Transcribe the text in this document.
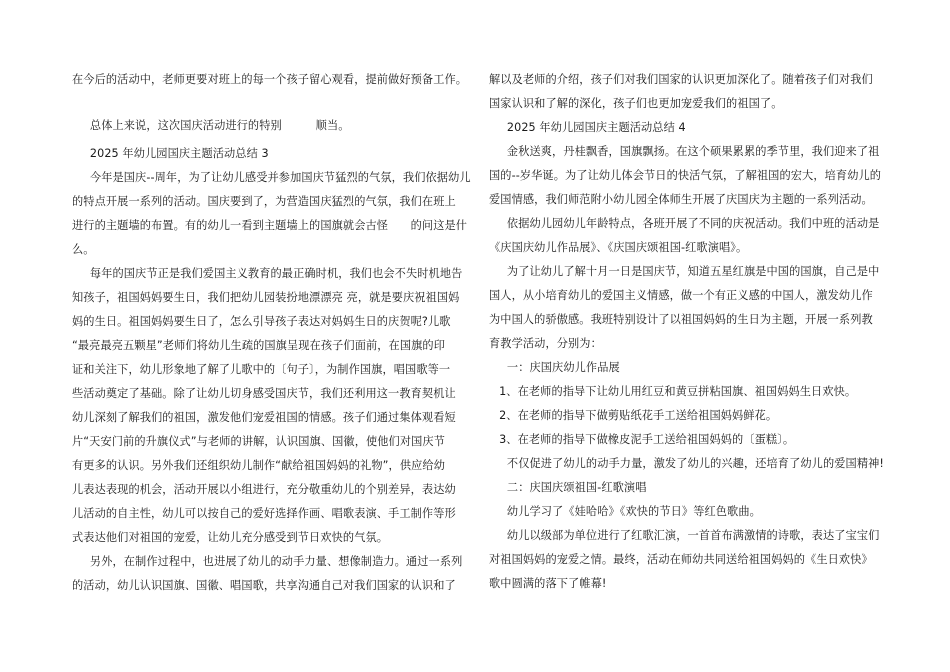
在今后的活动中，老师更要对班上的每一个孩子留心观看，提前做好预备工作。

总体上来说，这次国庆活动进行的特别　　　顺当。

2025 年幼儿园国庆主题活动总结 3

今年是国庆--周年，为了让幼儿感受并参加国庆节猛烈的气氛，我们依据幼儿

的特点开展一系列的活动。国庆要到了，为营造国庆猛烈的气氛，我们在班上

进行的主题墙的布置。有的幼儿一看到主题墙上的国旗就会古怪　　的问这是什

么。

每年的国庆节正是我们爱国主义教育的最正确时机，我们也会不失时机地告

知孩子，祖国妈妈要生日，我们把幼儿园装扮地漂漂亮 亮，就是要庆祝祖国妈

妈的生日。祖国妈妈要生日了，怎么引导孩子表达对妈妈生日的庆贺呢?儿歌

“最亮最亮五颗星”老师们将幼儿生疏的国旗呈现在孩子们面前，在国旗的印

证和关注下，幼儿形象地了解了儿歌中的〔句子〕，为制作国旗，唱国歌等一

些活动奠定了基础。除了让幼儿切身感受国庆节，我们还利用这一教育契机让

幼儿深刻了解我们的祖国，激发他们宠爱祖国的情感。孩子们通过集体观看短

片“天安门前的升旗仪式”与老师的讲解，认识国旗、国徽，使他们对国庆节

有更多的认识。另外我们还组织幼儿制作“献给祖国妈妈的礼物”，供应给幼

儿表达表现的机会，活动开展以小组进行，充分敬重幼儿的个别差异，表达幼

儿活动的自主性，幼儿可以按自己的爱好选择作画、唱歌表演、手工制作等形

式表达他们对祖国的宠爱，让幼儿充分感受到节日欢快的气氛。

另外，在制作过程中，也进展了幼儿的动手力量、想像制造力。通过一系列

的活动，幼儿认识国旗、国徽、唱国歌，共享沟通自己对我们国家的认识和了

解以及老师的介绍，孩子们对我们国家的认识更加深化了。随着孩子们对我们

国家认识和了解的深化，孩子们也更加宠爱我们的祖国了。

2025 年幼儿园国庆主题活动总结 4

金秋送爽，丹桂飘香，国旗飘扬。在这个硕果累累的季节里，我们迎来了祖

国的--岁华诞。为了让幼儿体会节日的快活气氛，了解祖国的宏大，培育幼儿的

爱国情感，我们师范附小幼儿园全体师生开展了庆国庆为主题的一系列活动。

依据幼儿园幼儿年龄特点，各班开展了不同的庆祝活动。我们中班的活动是

《庆国庆幼儿作品展》、《庆国庆颂祖国-红歌演唱》。

为了让幼儿了解十月一日是国庆节，知道五星红旗是中国的国旗，自己是中

国人，从小培育幼儿的爱国主义情感，做一个有正义感的中国人，激发幼儿作

为中国人的骄傲感。我班特别设计了以祖国妈妈的生日为主题，开展一系列教

育教学活动，分别为：

一：庆国庆幼儿作品展

1、在老师的指导下让幼儿用红豆和黄豆拼粘国旗、祖国妈妈生日欢快。

2、在老师的指导下做剪贴纸花手工送给祖国妈妈鲜花。

3、在老师的指导下做橡皮泥手工送给祖国妈妈的〔蛋糕〕。

不仅促进了幼儿的动手力量，激发了幼儿的兴趣，还培育了幼儿的爱国精神!

二：庆国庆颂祖国-红歌演唱

幼儿学习了《娃哈哈》《欢快的节日》等红色歌曲。

幼儿以级部为单位进行了红歌汇演，一首首布满激情的诗歌，表达了宝宝们

对祖国妈妈的宠爱之情。最终，活动在师幼共同送给祖国妈妈的《生日欢快》

歌中圆满的落下了帷幕!
